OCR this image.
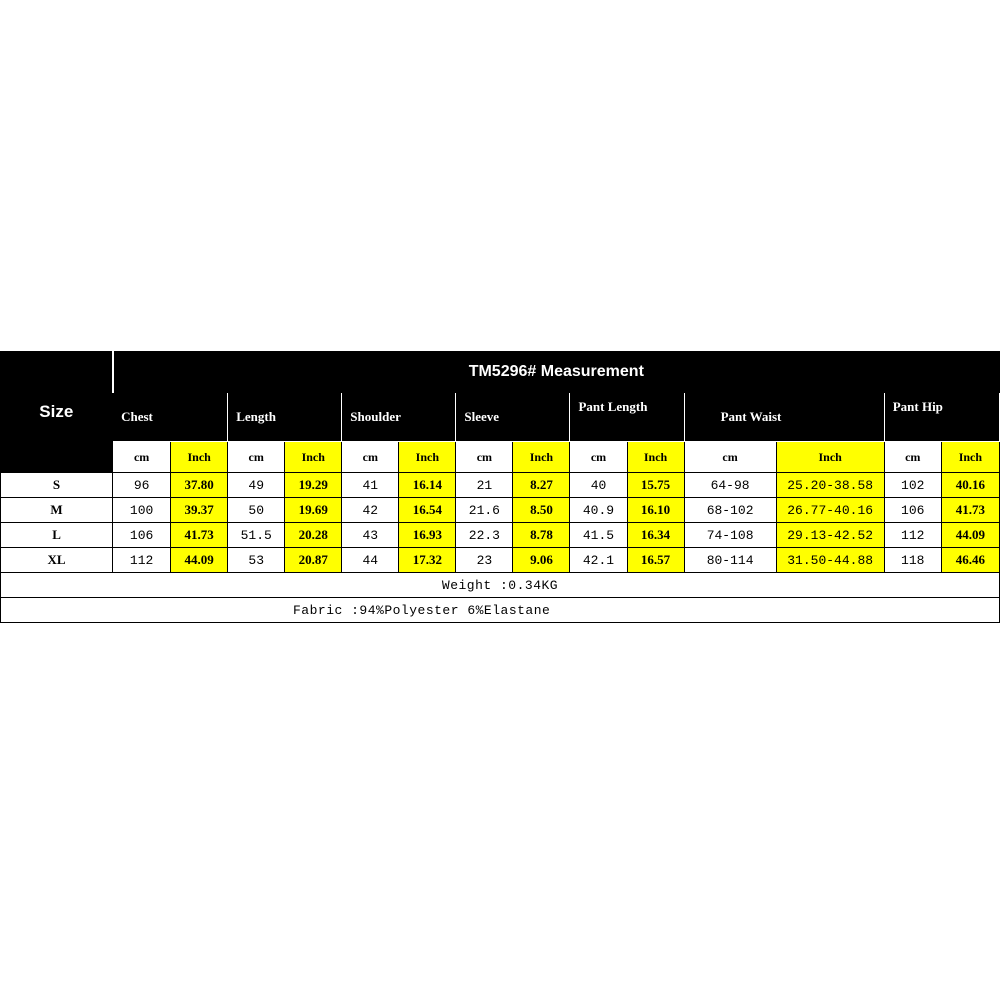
Size	TM5296# Measurement													
	Chest		Length		Shoulder		Sleeve		Pant Length		Pant Waist		Pant Hip	
	cm	Inch	cm	Inch	cm	Inch	cm	Inch	cm	Inch	cm	Inch	cm	Inch
S	96	37.80	49	19.29	41	16.14	21	8.27	40	15.75	64-98	25.20-38.58	102	40.16
M	100	39.37	50	19.69	42	16.54	21.6	8.50	40.9	16.10	68-102	26.77-40.16	106	41.73
L	106	41.73	51.5	20.28	43	16.93	22.3	8.78	41.5	16.34	74-108	29.13-42.52	112	44.09
XL	112	44.09	53	20.87	44	17.32	23	9.06	42.1	16.57	80-114	31.50-44.88	118	46.46
Weight :0.34KG														
Fabric :94%Polyester 6%Elastane														
